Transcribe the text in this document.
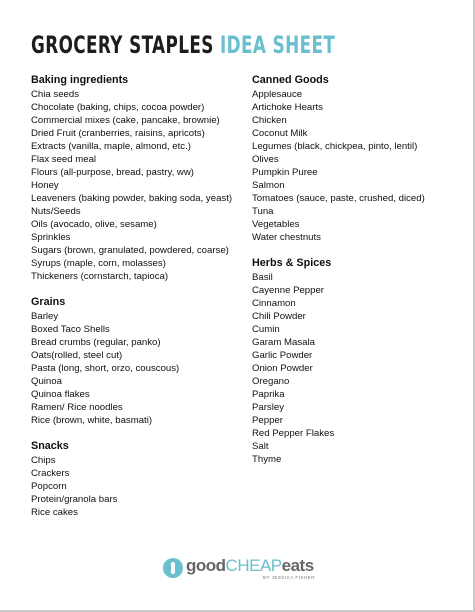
GROCERY STAPLES IDEA SHEET
Baking ingredients
Chia seeds
Chocolate (baking, chips, cocoa powder)
Commercial mixes (cake, pancake, brownie)
Dried Fruit (cranberries, raisins, apricots)
Extracts (vanilla, maple, almond, etc.)
Flax seed meal
Flours (all-purpose, bread, pastry, ww)
Honey
Leaveners (baking powder, baking soda, yeast)
Nuts/Seeds
Oils (avocado, olive, sesame)
Sprinkles
Sugars (brown, granulated, powdered, coarse)
Syrups (maple, corn, molasses)
Thickeners (cornstarch, tapioca)
Grains
Barley
Boxed Taco Shells
Bread crumbs (regular, panko)
Oats(rolled, steel cut)
Pasta (long, short, orzo, couscous)
Quinoa
Quinoa flakes
Ramen/ Rice noodles
Rice (brown, white, basmati)
Snacks
Chips
Crackers
Popcorn
Protein/granola bars
Rice cakes
Canned Goods
Applesauce
Artichoke Hearts
Chicken
Coconut Milk
Legumes (black, chickpea, pinto, lentil)
Olives
Pumpkin Puree
Salmon
Tomatoes (sauce, paste, crushed, diced)
Tuna
Vegetables
Water chestnuts
Herbs & Spices
Basil
Cayenne Pepper
Cinnamon
Chili Powder
Cumin
Garam Masala
Garlic Powder
Onion Powder
Oregano
Paprika
Parsley
Pepper
Red Pepper Flakes
Salt
Thyme
goodCHEAPeats
BY JESSICA FISHER
